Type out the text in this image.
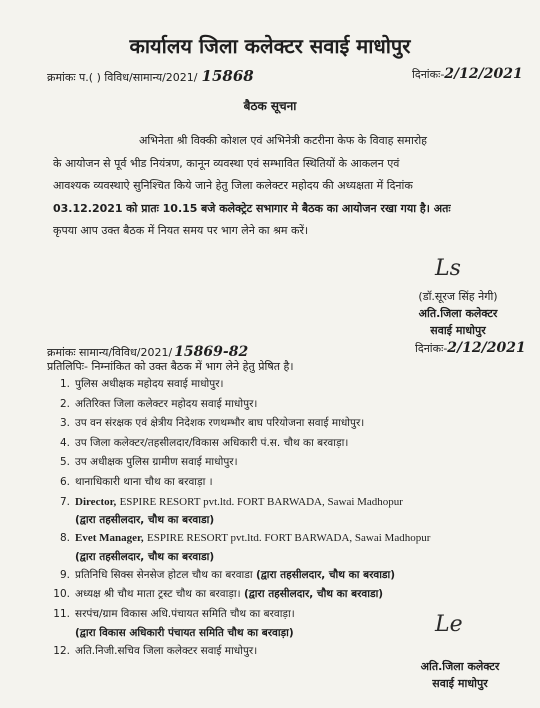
कार्यालय जिला कलेक्टर सवाई माधोपुर
क्रमांकः प.( ) विविध/सामान्य/2021/ 15868	दिनांकः-2/12/2021
बैठक सूचना
अभिनेता श्री विक्की कोशल एवं अभिनेत्री कटरीना केफ के विवाह समारोह
के आयोजन से पूर्व भीड नियंत्रण, कानून व्यवस्था एवं सम्भावित स्थितियों के आकलन एवं
आवश्यक व्यवस्थाऐ सुनिश्चित किये जाने हेतु जिला कलेक्टर महोदय की अध्यक्षता में दिनांक
03.12.2021 को प्रातः 10.15 बजे कलेक्ट्रेट सभागार मे बैठक का आयोजन रखा गया है। अतः
कृपया आप उक्त बैठक में नियत समय पर भाग लेने का श्रम करें।
Ls
(डॉ.सूरज सिंह नेगी)
अति.जिला कलेक्टर
सवाई माधोपुर
क्रमांकः सामान्य/विविध/2021/ 15869-82	दिनांकः-2/12/2021
प्रतिलिपिः- निम्नांकित को उक्त बैठक में भाग लेने हेतु प्रेषित है।
1. पुलिस अधीक्षक महोदय सवाई माधोपुर।
2. अतिरिक्त जिला कलेक्टर महोदय सवाई माधोपुर।
3. उप वन संरक्षक एवं क्षेत्रीय निदेशक रणथम्भौर बाघ परियोजना सवाई माधोपुर।
4. उप जिला कलेक्टर/तहसीलदार/विकास अधिकारी पं.स. चौथ का बरवाड़ा।
5. उप अधीक्षक पुलिस ग्रामीण सवाई माधोपुर।
6. थानाधिकारी थाना चौथ का बरवाड़ा ।
7. Director, ESPIRE RESORT pvt.ltd. FORT BARWADA, Sawai Madhopur
(द्वारा तहसीलदार, चौथ का बरवाडा)
8. Evet Manager, ESPIRE RESORT pvt.ltd. FORT BARWADA, Sawai Madhopur
(द्वारा तहसीलदार, चौथ का बरवाडा)
9. प्रतिनिधि सिक्स सेनसेज होटल चौथ का बरवाडा (द्वारा तहसीलदार, चौथ का बरवाडा)
10. अध्यक्ष श्री चौथ माता ट्रस्ट चौथ का बरवाड़ा। (द्वारा तहसीलदार, चौथ का बरवाडा)
11. सरपंच/ग्राम विकास अधि.पंचायत समिति चौथ का बरवाड़ा।
(द्वारा विकास अधिकारी पंचायत समिति चौथ का बरवाड़ा)
12. अति.निजी.सचिव जिला कलेक्टर सवाई माधोपुर।
Le
अति.जिला कलेक्टर
सवाई माधोपुर
